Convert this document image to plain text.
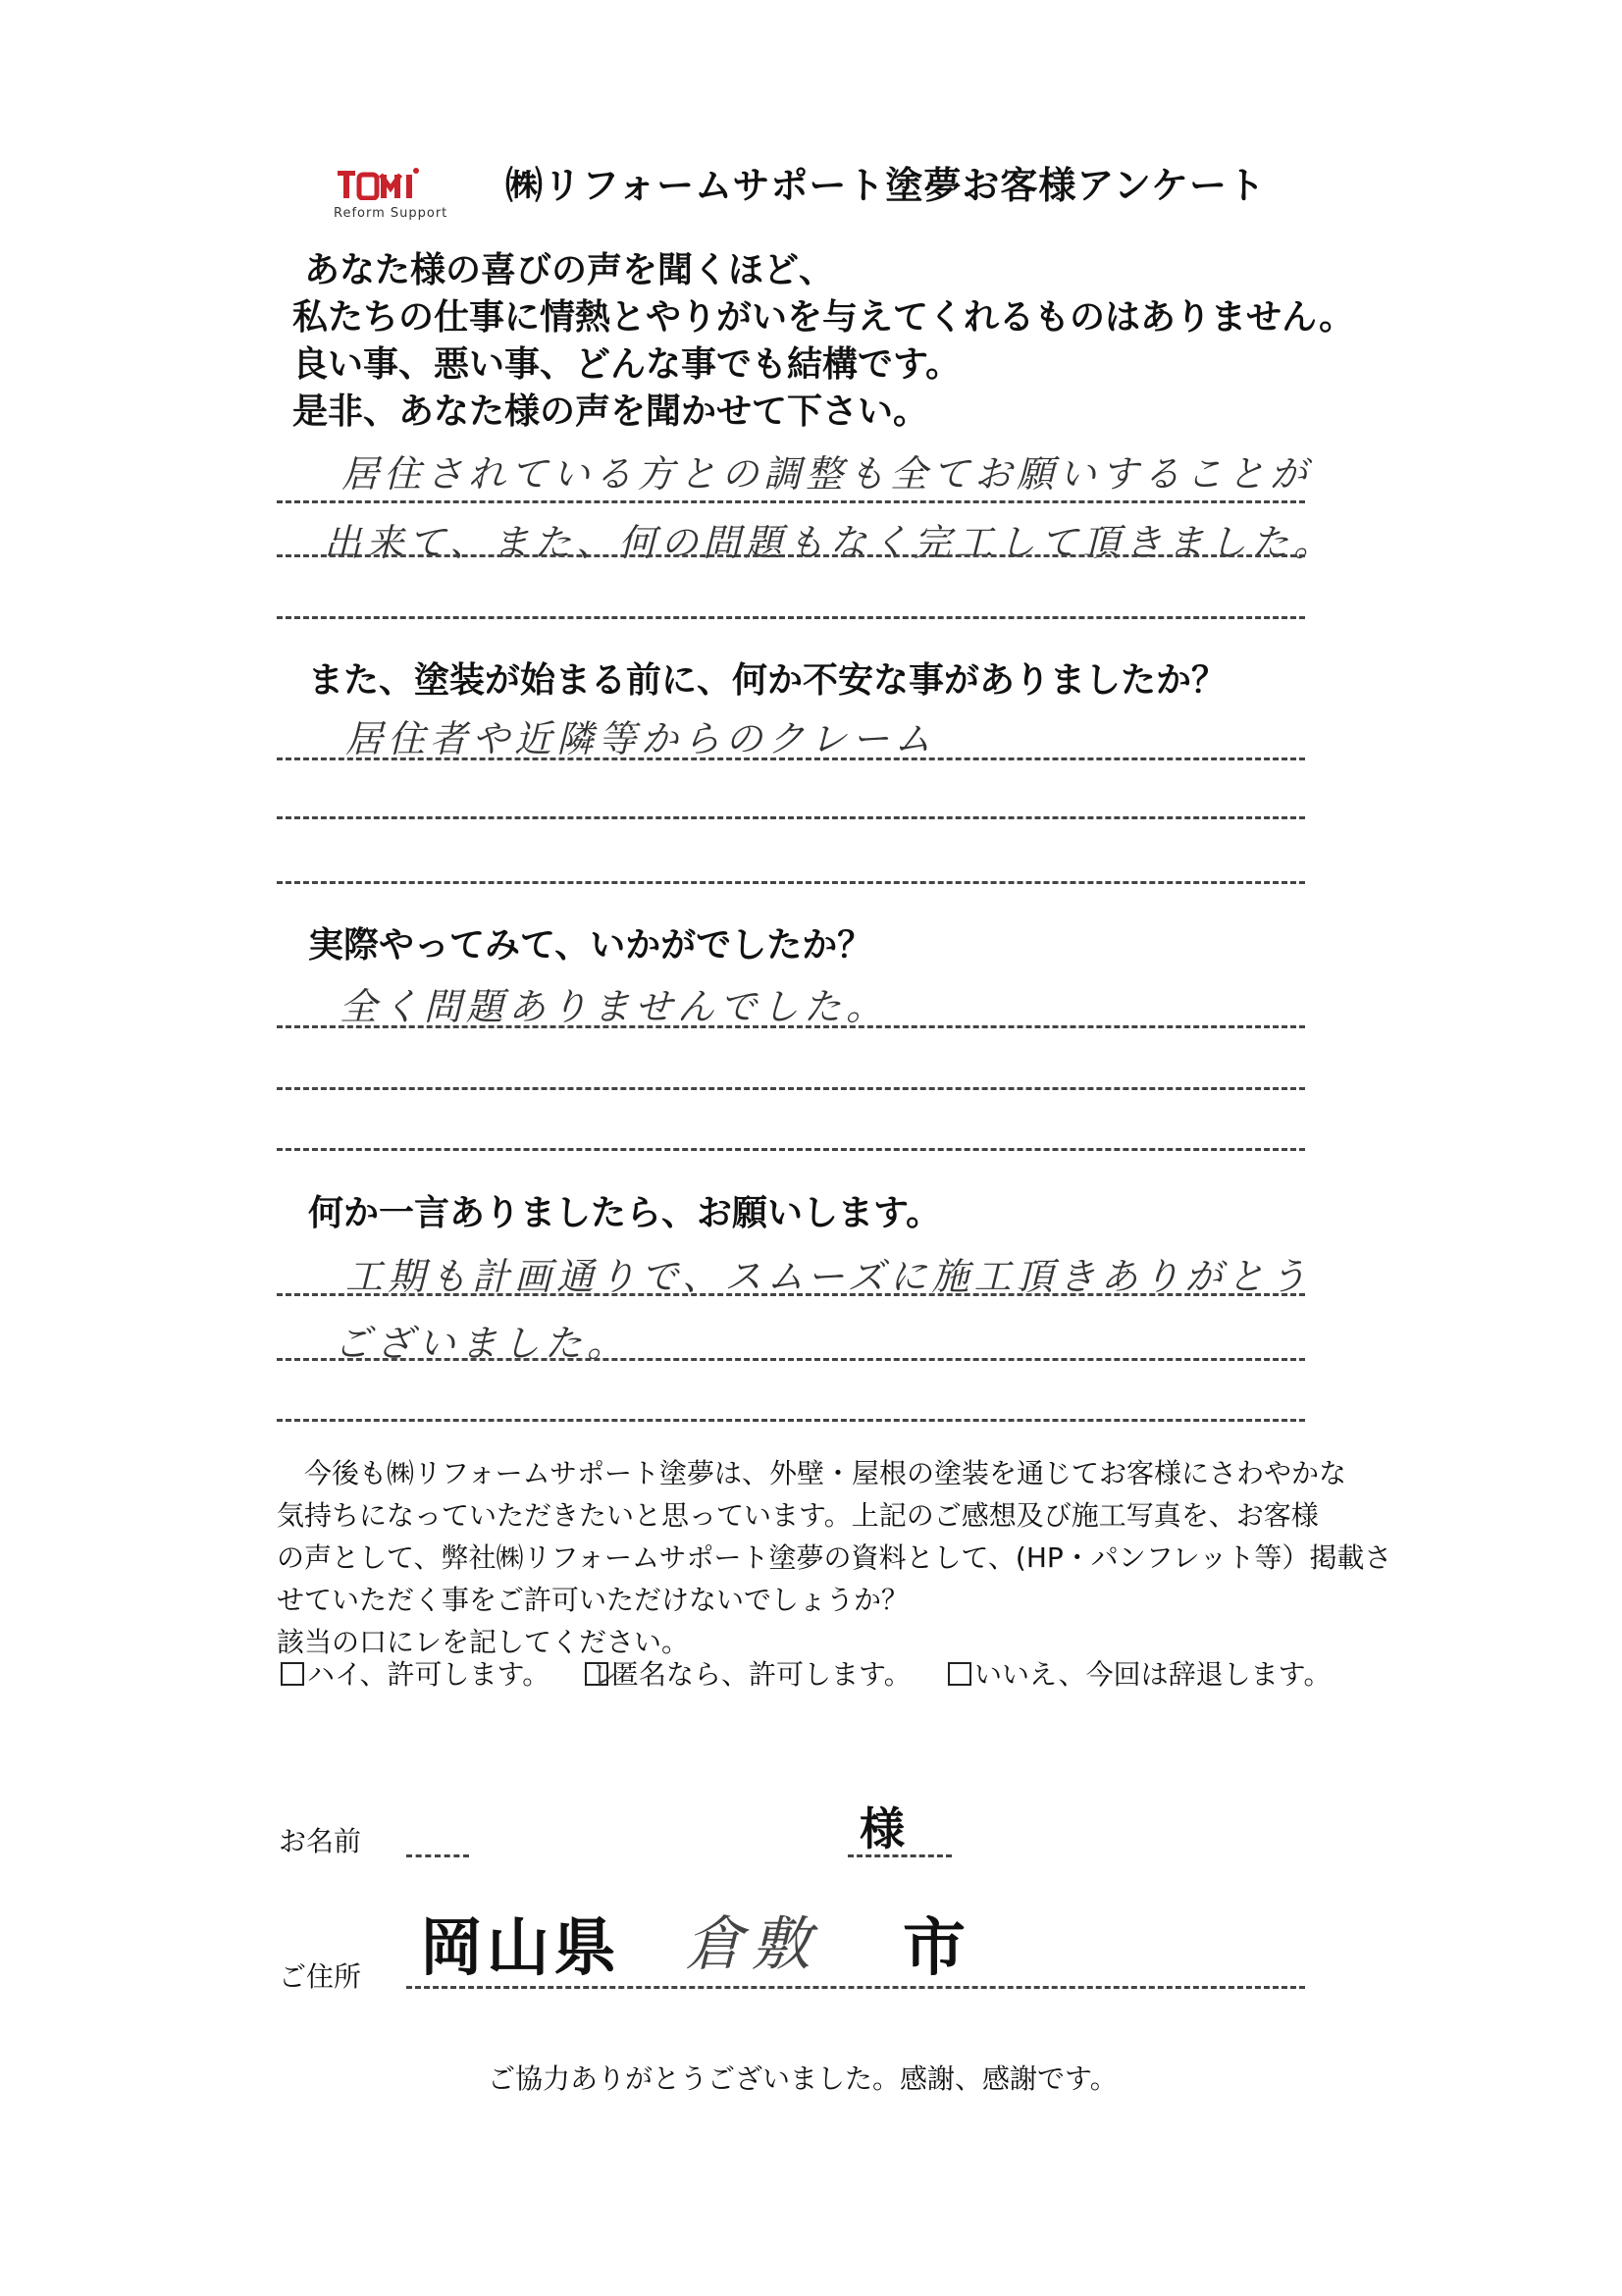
Reform Support
㈱リフォームサポート塗夢お客様アンケート
あなた様の喜びの声を聞くほど、
私たちの仕事に情熱とやりがいを与えてくれるものはありません。
良い事、悪い事、どんな事でも結構です。
是非、あなた様の声を聞かせて下さい。
居住されている方との調整も全てお願いすることが
出来て、また、何の問題もなく完工して頂きました。
また、塗装が始まる前に、何か不安な事がありましたか？
居住者や近隣等からのクレーム
実際やってみて、いかがでしたか？
全く問題ありませんでした。
何か一言ありましたら、お願いします。
工期も計画通りで、スムーズに施工頂きありがとう
ございました。
　今後も㈱リフォームサポート塗夢は、外壁・屋根の塗装を通じてお客様にさわやかな
気持ちになっていただきたいと思っています。上記のご感想及び施工写真を、お客様
の声として、弊社㈱リフォームサポート塗夢の資料として、(HP・パンフレット等）掲載さ
せていただく事をご許可いただけないでしょうか？
該当の口にレを記してください。
ハイ、許可します。 レ
匿名なら、許可します。	いいえ、今回は辞退します。
お名前	様
ご住所 岡山県 倉敷 市
ご協力ありがとうございました。感謝、感謝です。
